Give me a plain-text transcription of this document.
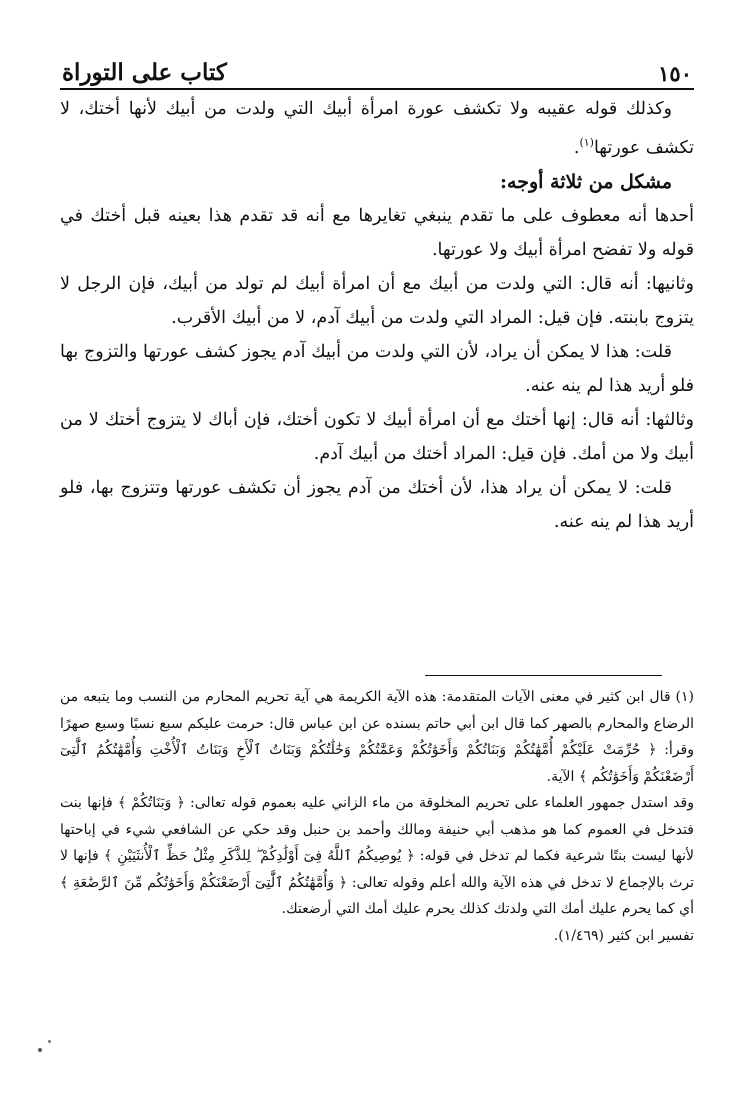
كتاب على التوراة	١٥٠

وكذلك قوله عقيبه ولا تكشف عورة امرأة أبيك التي ولدت من أبيك لأنها أختك، لا تكشف عورتها$^{(١)}$.

مشكل من ثلاثة أوجه:

أحدها أنه معطوف على ما تقدم ينبغي تغايرها مع أنه قد تقدم هذا بعينه قبل أختك في قوله ولا تفضح امرأة أبيك ولا عورتها.

وثانيها: أنه قال: التي ولدت من أبيك مع أن امرأة أبيك لم تولد من أبيك، فإن الرجل لا يتزوج بابنته. فإن قيل: المراد التي ولدت من أبيك آدم، لا من أبيك الأقرب.

قلت: هذا لا يمكن أن يراد، لأن التي ولدت من أبيك آدم يجوز كشف عورتها والتزوج بها فلو أريد هذا لم ينه عنه.

وثالثها: أنه قال: إنها أختك مع أن امرأة أبيك لا تكون أختك، فإن أباك لا يتزوج أختك لا من أبيك ولا من أمك. فإن قيل: المراد أختك من أبيك آدم.

قلت: لا يمكن أن يراد هذا، لأن أختك من آدم يجوز أن تكشف عورتها وتتزوج بها، فلو أريد هذا لم ينه عنه.

(١) قال ابن كثير في معنى الآيات المتقدمة: هذه الآية الكريمة هي آية تحريم المحارم من النسب وما يتبعه من الرضاع والمحارم بالصهر كما قال ابن أبي حاتم بسنده عن ابن عباس قال: حرمت عليكم سبع نسبًا وسبع صهرًا وقرأ: ﴿ حُرِّمَتْ عَلَيْكُمْ أُمَّهَٰتُكُمْ وَبَنَاتُكُمْ وَأَخَوَٰتُكُمْ وَعَمَّٰتُكُمْ وَخَٰلَٰتُكُمْ وَبَنَاتُ ٱلْأَخِ وَبَنَاتُ ٱلْأُخْتِ وَأُمَّهَٰتُكُمُ ٱلَّٰتِىٓ أَرْضَعْنَكُمْ وَأَخَوَٰتُكُم ﴾ الآية.

وقد استدل جمهور العلماء على تحريم المخلوقة من ماء الزاني عليه بعموم قوله تعالى: ﴿ وَبَنَاتُكُمْ ﴾ فإنها بنت فتدخل في العموم كما هو مذهب أبي حنيفة ومالك وأحمد بن حنبل وقد حكي عن الشافعي شيء في إباحتها لأنها ليست بنتًا شرعية فكما لم تدخل في قوله: ﴿ يُوصِيكُمُ ٱللَّهُ فِىٓ أَوْلَٰدِكُمْ ۖ لِلذَّكَرِ مِثْلُ حَظِّ ٱلْأُنثَيَيْنِ ﴾ فإنها لا ترث بالإجماع لا تدخل في هذه الآية والله أعلم وقوله تعالى: ﴿ وَأُمَّهَٰتُكُمُ ٱلَّٰتِىٓ أَرْضَعْنَكُمْ وَأَخَوَٰتُكُم مِّنَ ٱلرَّضَٰعَةِ ﴾ أي كما يحرم عليك أمك التي ولدتك كذلك يحرم عليك أمك التي أرضعتك.

تفسير ابن كثير (١/٤٦٩).
